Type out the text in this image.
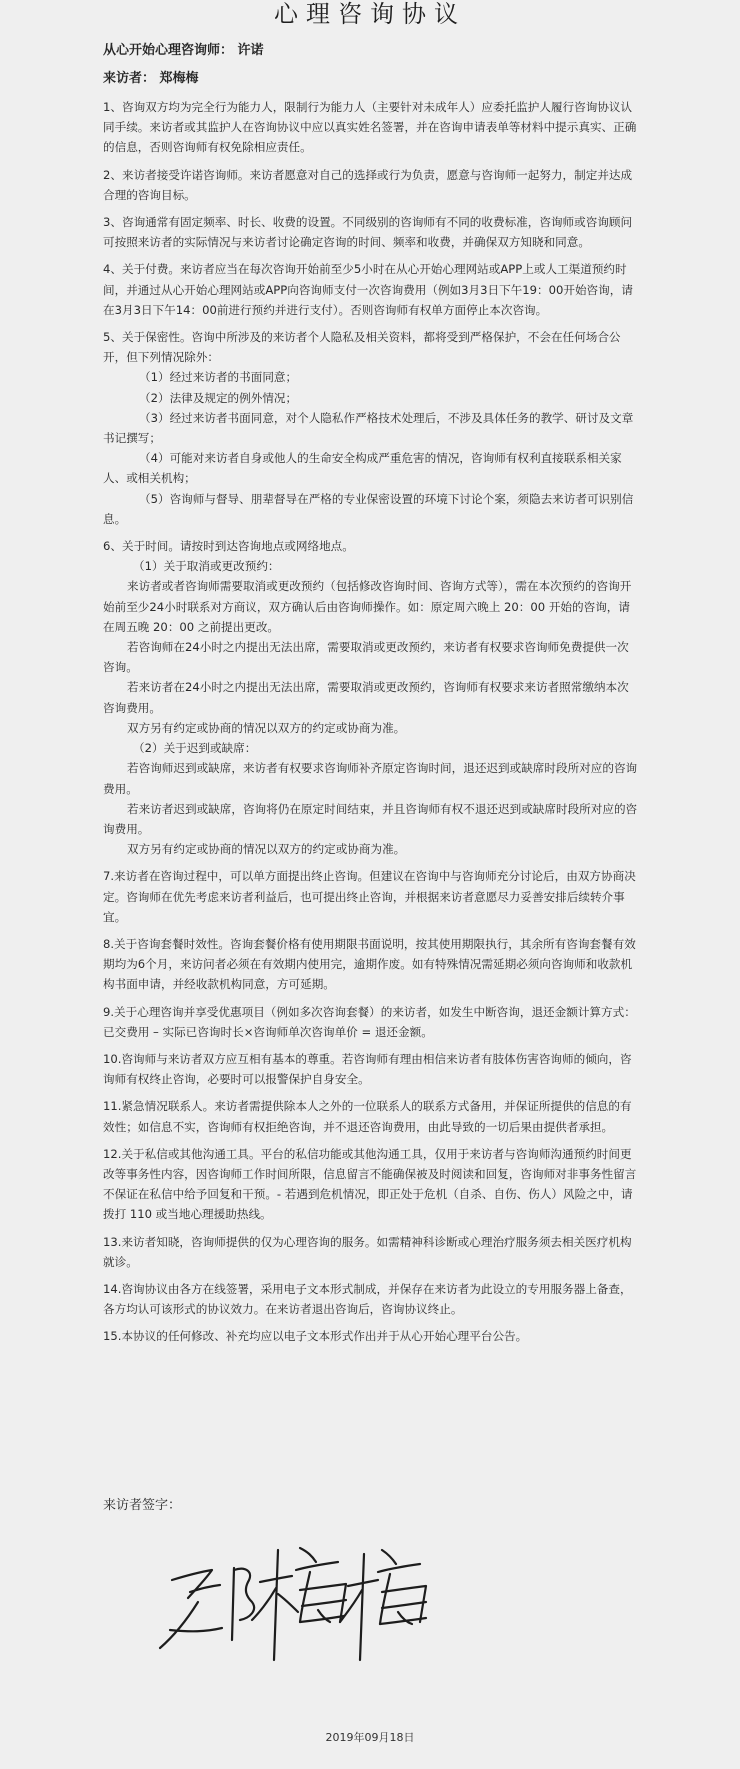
心理咨询协议
从心开始心理咨询师： 许诺
来访者： 郑梅梅

1、咨询双方均为完全行为能力人，限制行为能力人（主要针对未成年人）应委托监护人履行咨询协议认同手续。来访者或其监护人在咨询协议中应以真实姓名签署，并在咨询申请表单等材料中提示真实、正确的信息，否则咨询师有权免除相应责任。

2、来访者接受许诺咨询师。来访者愿意对自己的选择或行为负责，愿意与咨询师一起努力，制定并达成合理的咨询目标。

3、咨询通常有固定频率、时长、收费的设置。不同级别的咨询师有不同的收费标准，咨询师或咨询顾问可按照来访者的实际情况与来访者讨论确定咨询的时间、频率和收费，并确保双方知晓和同意。

4、关于付费。来访者应当在每次咨询开始前至少5小时在从心开始心理网站或APP上或人工渠道预约时间，并通过从心开始心理网站或APP向咨询师支付一次咨询费用（例如3月3日下午19：00开始咨询，请在3月3日下午14：00前进行预约并进行支付）。否则咨询师有权单方面停止本次咨询。

5、关于保密性。咨询中所涉及的来访者个人隐私及相关资料，都将受到严格保护，不会在任何场合公开，但下列情况除外：

（1）经过来访者的书面同意；

（2）法律及规定的例外情况；

（3）经过来访者书面同意，对个人隐私作严格技术处理后，不涉及具体任务的教学、研讨及文章书记撰写；

（4）可能对来访者自身或他人的生命安全构成严重危害的情况，咨询师有权利直接联系相关家人、或相关机构；

（5）咨询师与督导、朋辈督导在严格的专业保密设置的环境下讨论个案，须隐去来访者可识别信息。

6、关于时间。请按时到达咨询地点或网络地点。

（1）关于取消或更改预约：

来访者或者咨询师需要取消或更改预约（包括修改咨询时间、咨询方式等），需在本次预约的咨询开始前至少24小时联系对方商议，双方确认后由咨询师操作。如：原定周六晚上 20：00 开始的咨询，请在周五晚 20：00 之前提出更改。

若咨询师在24小时之内提出无法出席，需要取消或更改预约，来访者有权要求咨询师免费提供一次咨询。

若来访者在24小时之内提出无法出席，需要取消或更改预约，咨询师有权要求来访者照常缴纳本次咨询费用。

双方另有约定或协商的情况以双方的约定或协商为准。

（2）关于迟到或缺席：

若咨询师迟到或缺席，来访者有权要求咨询师补齐原定咨询时间，退还迟到或缺席时段所对应的咨询费用。

若来访者迟到或缺席，咨询将仍在原定时间结束，并且咨询师有权不退还迟到或缺席时段所对应的咨询费用。

双方另有约定或协商的情况以双方的约定或协商为准。

7.来访者在咨询过程中，可以单方面提出终止咨询。但建议在咨询中与咨询师充分讨论后，由双方协商决定。咨询师在优先考虑来访者利益后，也可提出终止咨询，并根据来访者意愿尽力妥善安排后续转介事宜。

8.关于咨询套餐时效性。咨询套餐价格有使用期限书面说明，按其使用期限执行，其余所有咨询套餐有效期均为6个月，来访问者必须在有效期内使用完，逾期作废。如有特殊情况需延期必须向咨询师和收款机构书面申请，并经收款机构同意，方可延期。

9.关于心理咨询并享受优惠项目（例如多次咨询套餐）的来访者，如发生中断咨询，退还金额计算方式：已交费用 – 实际已咨询时长×咨询师单次咨询单价 = 退还金额。

10.咨询师与来访者双方应互相有基本的尊重。若咨询师有理由相信来访者有肢体伤害咨询师的倾向，咨询师有权终止咨询，必要时可以报警保护自身安全。

11.紧急情况联系人。来访者需提供除本人之外的一位联系人的联系方式备用，并保证所提供的信息的有效性；如信息不实，咨询师有权拒绝咨询，并不退还咨询费用，由此导致的一切后果由提供者承担。

12.关于私信或其他沟通工具。平台的私信功能或其他沟通工具，仅用于来访者与咨询师沟通预约时间更改等事务性内容，因咨询师工作时间所限，信息留言不能确保被及时阅读和回复，咨询师对非事务性留言不保证在私信中给予回复和干预。- 若遇到危机情况，即正处于危机（自杀、自伤、伤人）风险之中，请拨打 110 或当地心理援助热线。

13.来访者知晓，咨询师提供的仅为心理咨询的服务。如需精神科诊断或心理治疗服务须去相关医疗机构就诊。

14.咨询协议由各方在线签署，采用电子文本形式制成，并保存在来访者为此设立的专用服务器上备查，各方均认可该形式的协议效力。在来访者退出咨询后，咨询协议终止。

15.本协议的任何修改、补充均应以电子文本形式作出并于从心开始心理平台公告。

来访者签字：
2019年09月18日
